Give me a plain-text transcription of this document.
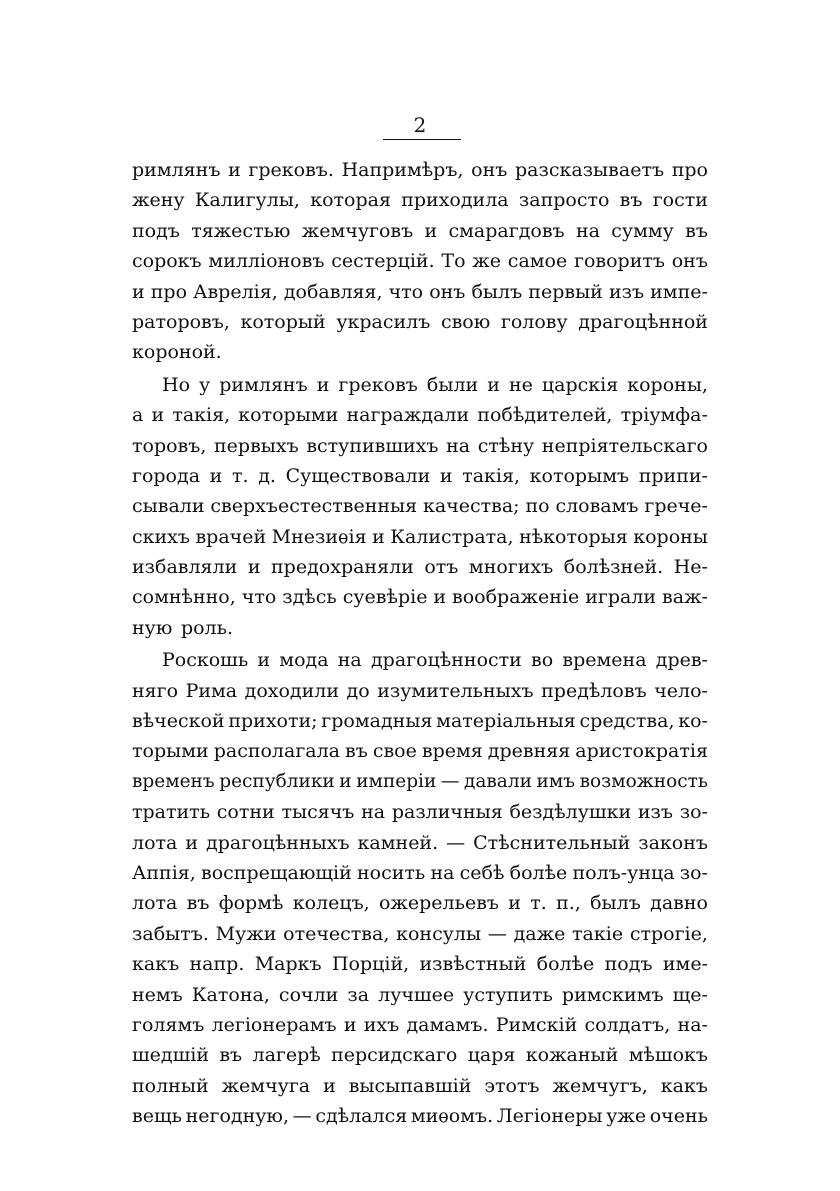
2
римлянъ и грековъ. Напримѣръ, онъ разсказываетъ про
жену Калигулы, которая приходила запросто въ гости
подъ тяжестью жемчуговъ и смарагдовъ на сумму въ
сорокъ милліоновъ сестерцій. То же самое говоритъ онъ
и про Аврелія, добавляя, что онъ былъ первый изъ импе-
раторовъ, который украсилъ свою голову драгоцѣнной
короной.
Но у римлянъ и грековъ были и не царскія короны,
а и такія, которыми награждали побѣдителей, тріумфа-
торовъ, первыхъ вступившихъ на стѣну непріятельскаго
города и т. д. Существовали и такія, которымъ припи-
сывали сверхъестественныя качества; по словамъ грече-
скихъ врачей Мнезиѳія и Калистрата, нѣкоторыя короны
избавляли и предохраняли отъ многихъ болѣзней. Не-
сомнѣнно, что здѣсь суевѣріе и воображеніе играли важ-
ную роль.
Роскошь и мода на драгоцѣнности во времена древ-
няго Рима доходили до изумительныхъ предѣловъ чело-
вѣческой прихоти; громадныя матеріальныя средства, ко-
торыми располагала въ свое время древняя аристократія
временъ республики и имперіи — давали имъ возможность
тратить сотни тысячъ на различныя бездѣлушки изъ зо-
лота и драгоцѣнныхъ камней. — Стѣснительный законъ
Аппія, воспрещающій носить на себѣ болѣе полъ-унца зо-
лота въ формѣ колецъ, ожерельевъ и т. п., былъ давно
забытъ. Мужи отечества, консулы — даже такіе строгіе,
какъ напр. Маркъ Порцій, извѣстный болѣе подъ име-
немъ Катона, сочли за лучшее уступить римскимъ ще-
голямъ легіонерамъ и ихъ дамамъ. Римскій солдатъ, на-
шедшій въ лагерѣ персидскаго царя кожаный мѣшокъ
полный жемчуга и высыпавшій этотъ жемчугъ, какъ
вещь негодную, — сдѣлался миѳомъ. Легіонеры уже очень
